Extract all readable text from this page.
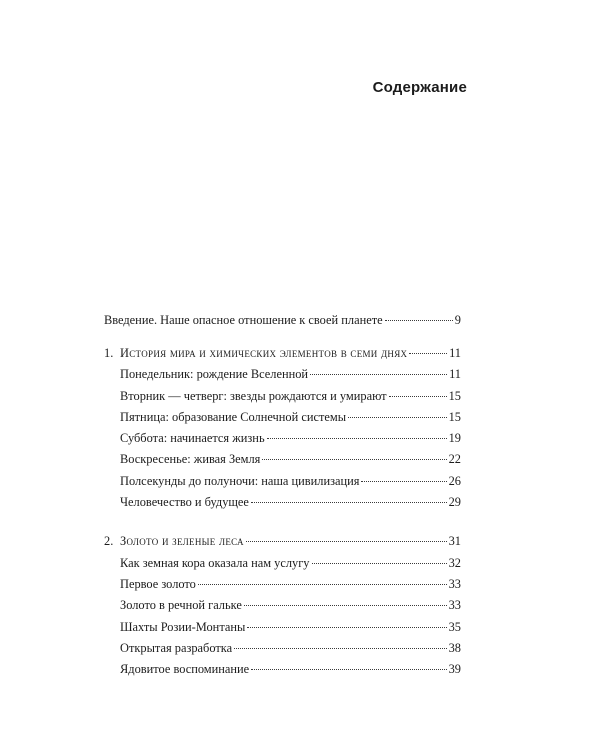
Содержание
Введение. Наше опасное отношение к своей планете	9
1. История мира и химических элементов в семи днях	11
Понедельник: рождение Вселенной	11
Вторник — четверг: звезды рождаются и умирают	15
Пятница: образование Солнечной системы	15
Суббота: начинается жизнь	19
Воскресенье: живая Земля	22
Полсекунды до полуночи: наша цивилизация	26
Человечество и будущее	29
2. Золото и зеленые леса	31
Как земная кора оказала нам услугу	32
Первое золото	33
Золото в речной гальке	33
Шахты Розии-Монтаны	35
Открытая разработка	38
Ядовитое воспоминание	39
